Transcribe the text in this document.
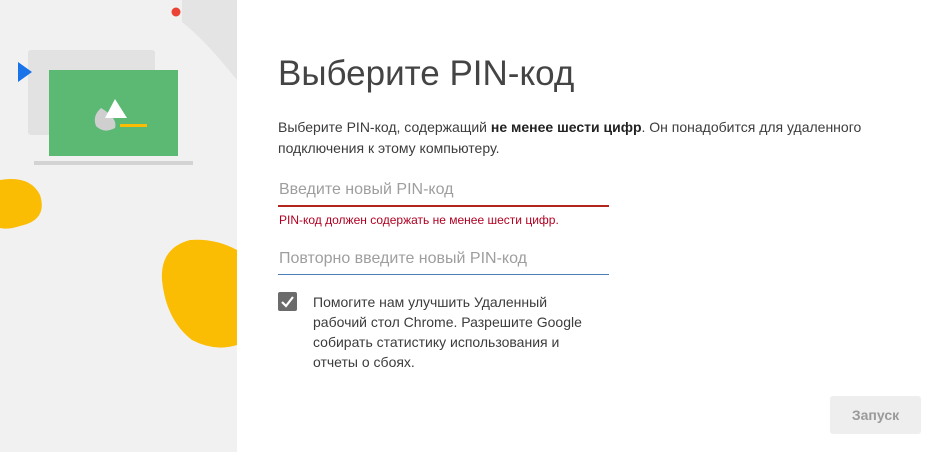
Выберите PIN-код
Выберите PIN-код, содержащий не менее шести цифр. Он понадобится для удаленного подключения к этому компьютеру.
PIN-код должен содержать не менее шести цифр.
Помогите нам улучшить Удаленный рабочий стол Chrome. Разрешите Google собирать статистику использования и отчеты о сбоях.
Запуск
